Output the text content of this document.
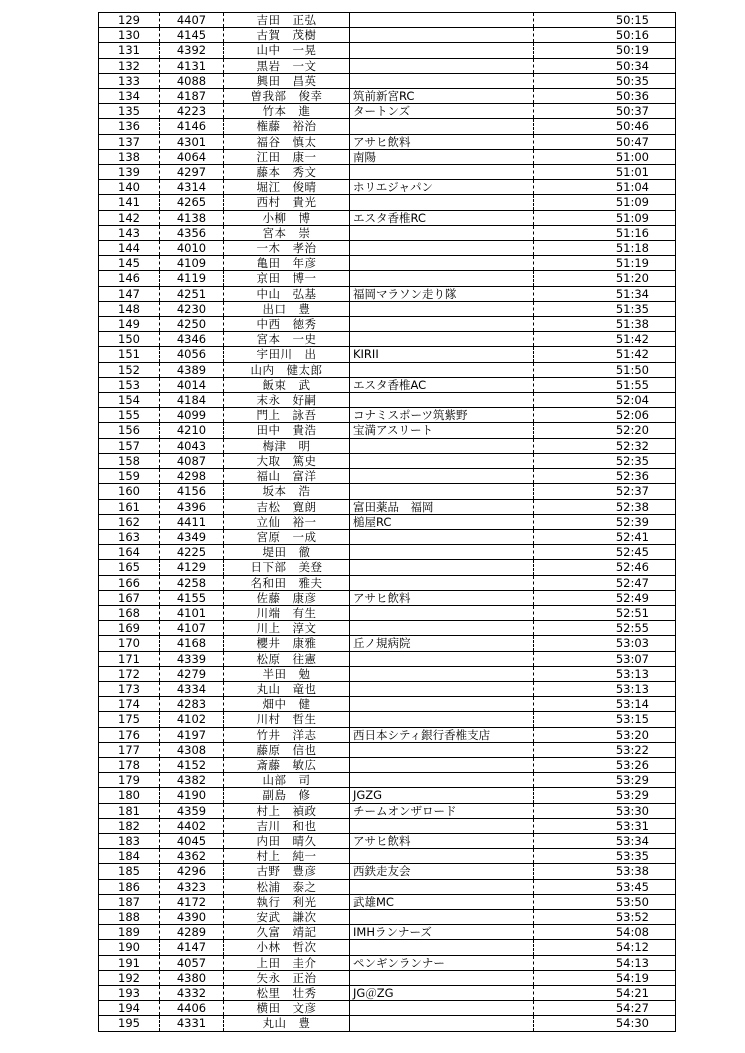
129	4407	吉田　正弘		50:15
130	4145	古賀　茂樹		50:16
131	4392	山中　一晃		50:19
132	4131	黒岩　一文		50:34
133	4088	興田　昌英		50:35
134	4187	曽我部　俊幸	筑前新宮RC	50:36
135	4223	竹本　進	タートンズ	50:37
136	4146	権藤　裕治		50:46
137	4301	福谷　慎太	アサヒ飲料	50:47
138	4064	江田　康一	南陽	51:00
139	4297	藤本　秀文		51:01
140	4314	堀江　俊晴	ホリエジャパン	51:04
141	4265	西村　貴光		51:09
142	4138	小柳　博	エスタ香椎RC	51:09
143	4356	宮本　崇		51:16
144	4010	一木　孝治		51:18
145	4109	亀田　年彦		51:19
146	4119	京田　博一		51:20
147	4251	中山　弘基	福岡マラソン走り隊	51:34
148	4230	出口　豊		51:35
149	4250	中西　徳秀		51:38
150	4346	宮本　一史		51:42
151	4056	宇田川　出	KIRII	51:42
152	4389	山内　健太郎		51:50
153	4014	飯束　武	エスタ香椎AC	51:55
154	4184	末永　好嗣		52:04
155	4099	門上　詠吾	コナミスポーツ筑紫野	52:06
156	4210	田中　貴浩	宝満アスリート	52:20
157	4043	梅津　明		52:32
158	4087	大取　篤史		52:35
159	4298	福山　富洋		52:36
160	4156	坂本　浩		52:37
161	4396	吉松　寛朗	富田薬品　福岡	52:38
162	4411	立仙　裕一	槌屋RC	52:39
163	4349	宮原　一成		52:41
164	4225	堤田　徹		52:45
165	4129	日下部　美登		52:46
166	4258	名和田　雅夫		52:47
167	4155	佐藤　康彦	アサヒ飲料	52:49
168	4101	川端　有生		52:51
169	4107	川上　淳文		52:55
170	4168	櫻井　康雅	丘ノ規病院	53:03
171	4339	松原　往憲		53:07
172	4279	半田　勉		53:13
173	4334	丸山　竜也		53:13
174	4283	畑中　健		53:14
175	4102	川村　哲生		53:15
176	4197	竹井　洋志	西日本シティ銀行香椎支店	53:20
177	4308	藤原　信也		53:22
178	4152	斎藤　敏広		53:26
179	4382	山部　司		53:29
180	4190	副島　修	JGZG	53:29
181	4359	村上　禎政	チームオンザロード	53:30
182	4402	吉川　和也		53:31
183	4045	内田　晴久	アサヒ飲料	53:34
184	4362	村上　純一		53:35
185	4296	古野　豊彦	西鉄走友会	53:38
186	4323	松浦　泰之		53:45
187	4172	執行　利光	武雄MC	53:50
188	4390	安武　謙次		53:52
189	4289	久富　靖記	IMHランナーズ	54:08
190	4147	小林　哲次		54:12
191	4057	上田　圭介	ペンギンランナー	54:13
192	4380	矢永　正治		54:19
193	4332	松里　壮秀	JG＠ZG	54:21
194	4406	横田　文彦		54:27
195	4331	丸山　豊		54:30
